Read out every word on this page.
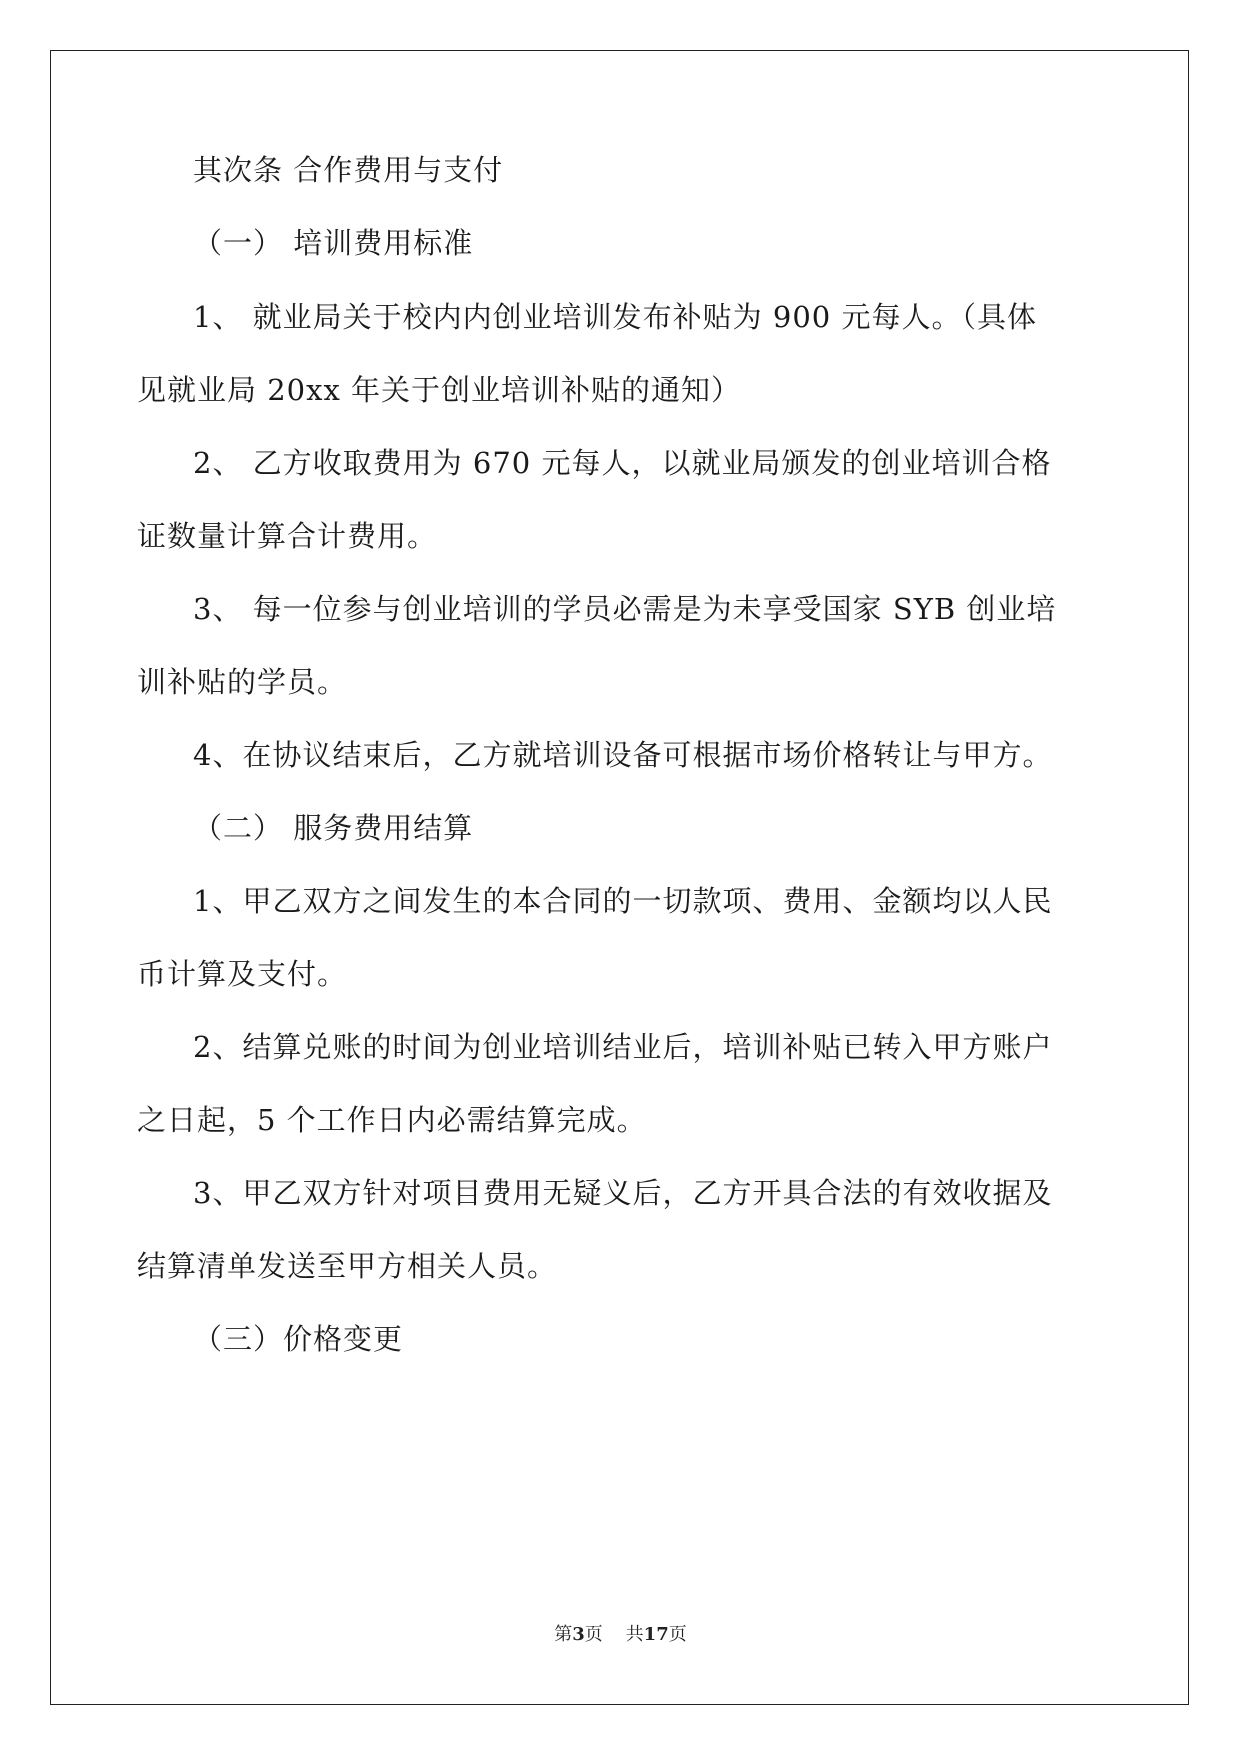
其次条 合作费用与支付
（一） 培训费用标准
1、 就业局关于校内内创业培训发布补贴为 900 元每人。（具体
见就业局 20xx 年关于创业培训补贴的通知）
2、 乙方收取费用为 670 元每人，以就业局颁发的创业培训合格
证数量计算合计费用。
3、 每一位参与创业培训的学员必需是为未享受国家 SYB 创业培
训补贴的学员。
4、在协议结束后，乙方就培训设备可根据市场价格转让与甲方。
（二） 服务费用结算
1、甲乙双方之间发生的本合同的一切款项、费用、金额均以人民
币计算及支付。
2、结算兑账的时间为创业培训结业后，培训补贴已转入甲方账户
之日起，5 个工作日内必需结算完成。
3、甲乙双方针对项目费用无疑义后，乙方开具合法的有效收据及
结算清单发送至甲方相关人员。
（三）价格变更
第3页 共17页
